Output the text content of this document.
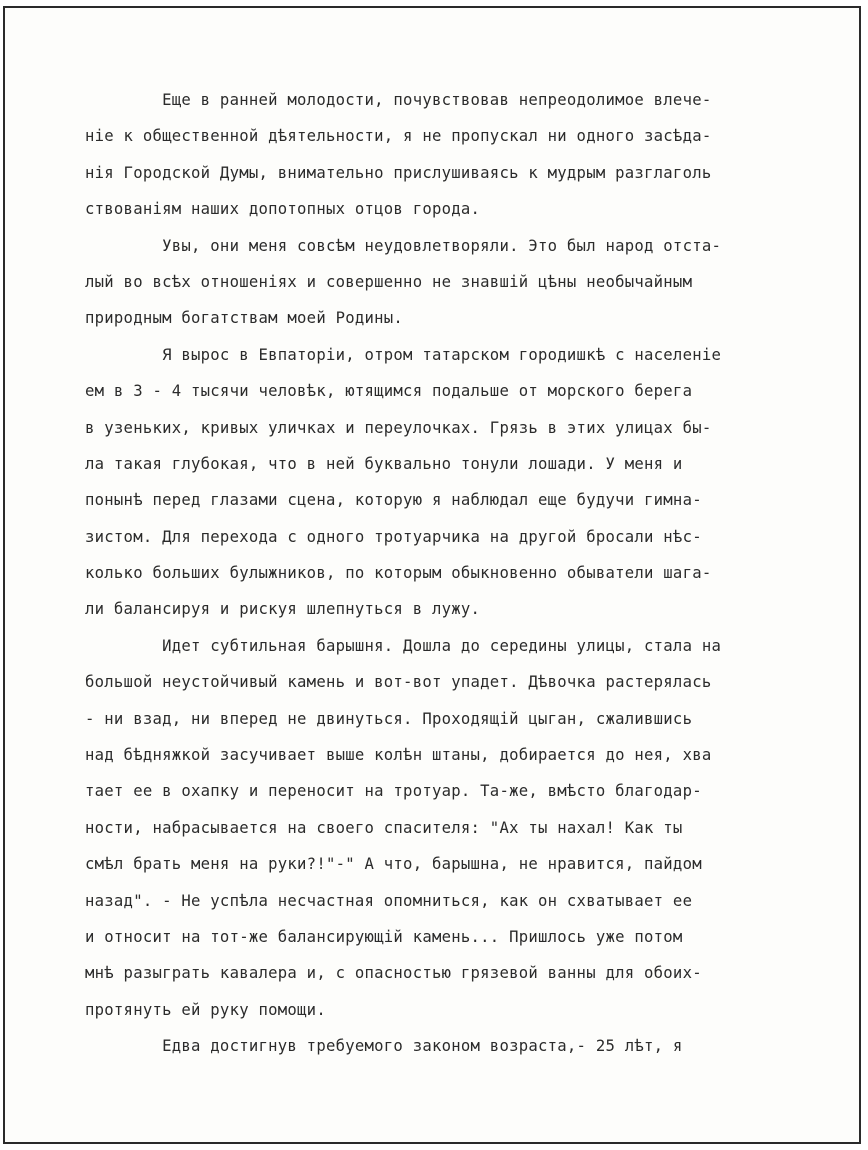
Еще в ранней молодости, почувствовав непреодолимое влече-
ніе к общественной дѣятельности, я не пропускал ни одного засѣда-
нія Городской Думы, внимательно прислушиваясь к мудрым разглаголь
ствованіям наших допотопных отцов города.
Увы, они меня совсѣм неудовлетворяли. Это был народ отста-
лый во всѣх отношеніях и совершенно не знавшій цѣны необычайным
природным богатствам моей Родины.
Я вырос в Евпаторіи, отром татарском городишкѣ с населеніе
ем в 3 - 4 тысячи человѣк, ютящимся подальше от морского берега
в узеньких, кривых уличках и переулочках. Грязь в этих улицах бы-
ла такая глубокая, что в ней буквально тонули лошади. У меня и
понынѣ перед глазами сцена, которую я наблюдал еще будучи гимна-
зистом. Для перехода с одного тротуарчика на другой бросали нѣс-
колько больших булыжников, по которым обыкновенно обыватели шага-
ли балансируя и рискуя шлепнуться в лужу.
Идет субтильная барышня. Дошла до середины улицы, стала на
большой неустойчивый камень и вот-вот упадет. Дѣвочка растерялась
- ни взад, ни вперед не двинуться. Проходящій цыган, сжалившись
над бѣдняжкой засучивает выше колѣн штаны, добирается до нея, хва
тает ее в охапку и переносит на тротуар. Та-же, вмѣсто благодар-
ности, набрасывается на своего спасителя: "Ах ты нахал! Как ты
смѣл брать меня на руки?!"-" А что, барышна, не нравится, пайдом
назад". - Не успѣла несчастная опомниться, как он схватывает ее
и относит на тот-же балансирующій камень... Пришлось уже потом
мнѣ разыграть кавалера и, с опасностью грязевой ванны для обоих-
протянуть ей руку помощи.
Едва достигнув требуемого законом возраста,- 25 лѣт, я
